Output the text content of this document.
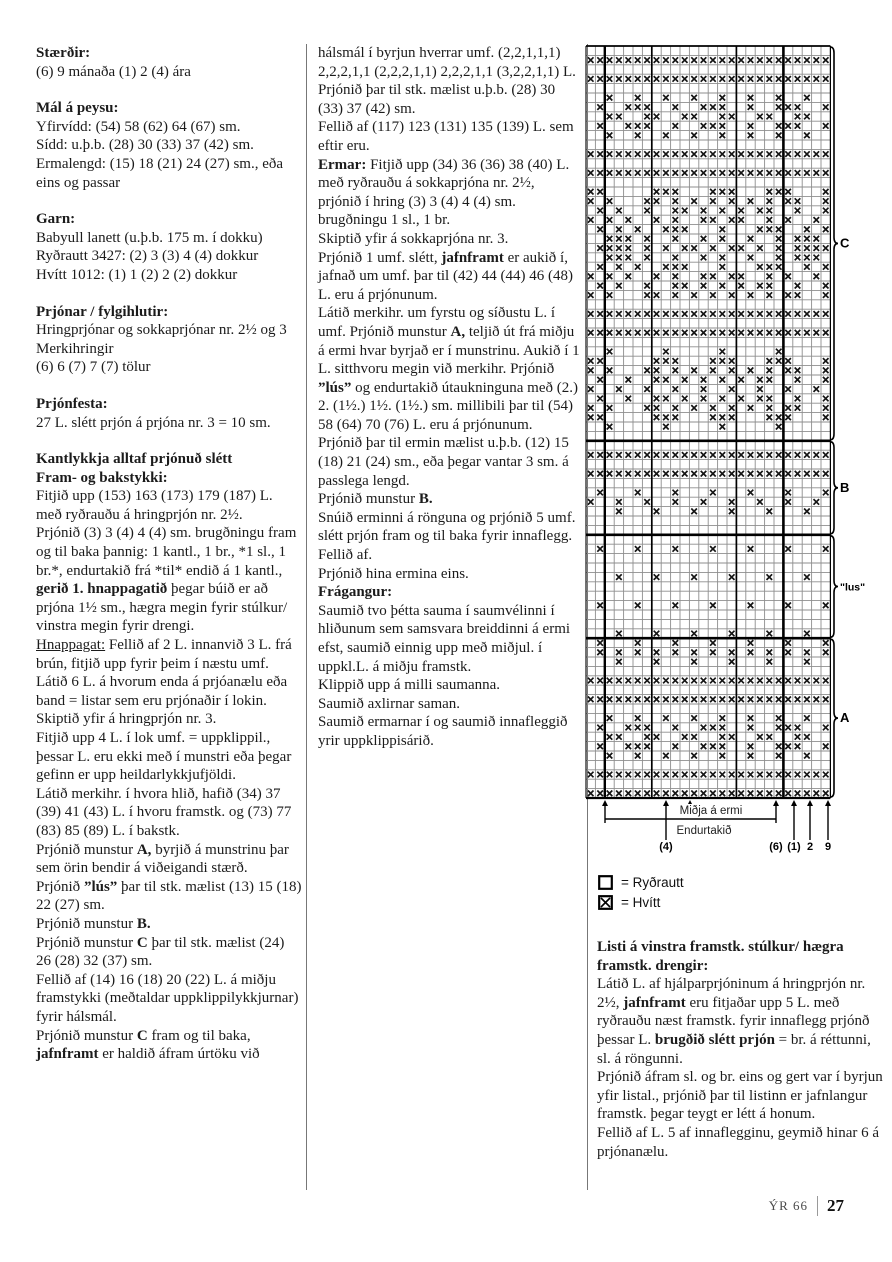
Stærðir:
(6) 9 mánaða (1) 2 (4) ára
Mál á peysu:
Yfirvídd: (54) 58 (62) 64 (67) sm.
Sídd: u.þ.b. (28) 30 (33) 37 (42) sm.
Ermalengd: (15) 18 (21) 24 (27) sm., eða eins og passar
Garn:
Babyull lanett (u.þ.b. 175 m. í dokku)
Ryðrautt 3427: (2) 3 (3) 4 (4) dokkur
Hvítt 1012: (1) 1 (2) 2 (2) dokkur
Prjónar / fylgihlutir:
Hringprjónar og sokkaprjónar nr. 2½ og 3
Merkihringir
(6) 6 (7) 7 (7) tölur
Prjónfesta:
27 L. slétt prjón á prjóna nr. 3 = 10 sm.
Kantlykkja alltaf prjónuð slétt
Fram- og bakstykki:
Fitjið upp (153) 163 (173) 179 (187) L. með ryðrauðu á hringprjón nr. 2½.
Prjónið (3) 3 (4) 4 (4) sm. brugðningu fram og til baka þannig: 1 kantl., 1 br., *1 sl., 1 br.*, endurtakið frá *til* endið á 1 kantl., gerið 1. hnappagatið þegar búið er að prjóna 1½ sm., hægra megin fyrir stúlkur/ vinstra megin fyrir drengi.
Hnappagat: Fellið af 2 L. innanvið 3 L. frá brún, fitjið upp fyrir þeim í næstu umf.
Látið 6 L. á hvorum enda á prjóanælu eða band = listar sem eru prjónaðir í lokin.
Skiptið yfir á hringprjón nr. 3.
Fitjið upp 4 L. í lok umf. = uppklippil., þessar L. eru ekki með í munstri eða þegar gefinn er upp heildarlykkjufjöldi.
Látið merkihr. í hvora hlið, hafið (34) 37 (39) 41 (43) L. í hvoru framstk. og (73) 77 (83) 85 (89) L. í bakstk.
Prjónið munstur A, byrjið á munstrinu þar sem örin bendir á viðeigandi stærð.
Prjónið ”lús” þar til stk. mælist (13) 15 (18) 22 (27) sm.
Prjónið munstur B.
Prjónið munstur C þar til stk. mælist (24) 26 (28) 32 (37) sm.
Fellið af (14) 16 (18) 20 (22) L. á miðju framstykki (meðtaldar uppklippilykkjurnar) fyrir hálsmál.
Prjónið munstur C fram og til baka, jafnframt er haldið áfram úrtöku við
hálsmál í byrjun hverrar umf. (2,2,1,1,1) 2,2,2,1,1 (2,2,2,1,1) 2,2,2,1,1 (3,2,2,1,1) L.
Prjónið þar til stk. mælist u.þ.b. (28) 30 (33) 37 (42) sm.
Fellið af (117) 123 (131) 135 (139) L. sem eftir eru.
Ermar: Fitjið upp (34) 36 (36) 38 (40) L. með ryðrauðu á sokkaprjóna nr. 2½, prjónið í hring (3) 3 (4) 4 (4) sm. brugðningu 1 sl., 1 br.
Skiptið yfir á sokkaprjóna nr. 3.
Prjónið 1 umf. slétt, jafnframt er aukið í, jafnað um umf. þar til (42) 44 (44) 46 (48) L. eru á prjónunum.
Látið merkihr. um fyrstu og síðustu L. í umf. Prjónið munstur A, teljið út frá miðju á ermi hvar byrjað er í munstrinu. Aukið í 1 L. sitthvoru megin við merkihr. Prjónið ”lús” og endurtakið útaukninguna með (2.) 2. (1½.) 1½. (1½.) sm. millibili þar til (54) 58 (64) 70 (76) L. eru á prjónunum.
Prjónið þar til ermin mælist u.þ.b. (12) 15 (18) 21 (24) sm., eða þegar vantar 3 sm. á passlega lengd.
Prjónið munstur B.
Snúið erminni á rönguna og prjónið 5 umf. slétt prjón fram og til baka fyrir innaflegg. Fellið af.
Prjónið hina ermina eins.
Frágangur:
Saumið tvo þétta sauma í saumvélinni í hliðunum sem samsvara breiddinni á ermi efst, saumið einnig upp með miðjul. í uppkl.L. á miðju framstk.
Klippið upp á milli saumanna.
Saumið axlirnar saman.
Saumið ermarnar í og saumið innafleggið yrir uppklippisárið.
C
B
"lus"
A
Miðja á ermi
Endurtakið
(4)	(6) (1) 2 9
= Ryðrautt
= Hvítt
Listi á vinstra framstk. stúlkur/ hægra framstk. drengir:
Látið L. af hjálparprjóninum á hringprjón nr. 2½, jafnframt eru fitjaðar upp 5 L. með ryðrauðu næst framstk. fyrir innaflegg prjónð þessar L. brugðið slétt prjón = br. á réttunni, sl. á röngunni.
Prjónið áfram sl. og br. eins og gert var í byrjun yfir listal., prjónið þar til listinn er jafnlangur framstk. þegar teygt er létt á honum.
Fellið af L. 5 af innaflegginu, geymið hinar 6 á prjónanælu.
ÝR 66 27
